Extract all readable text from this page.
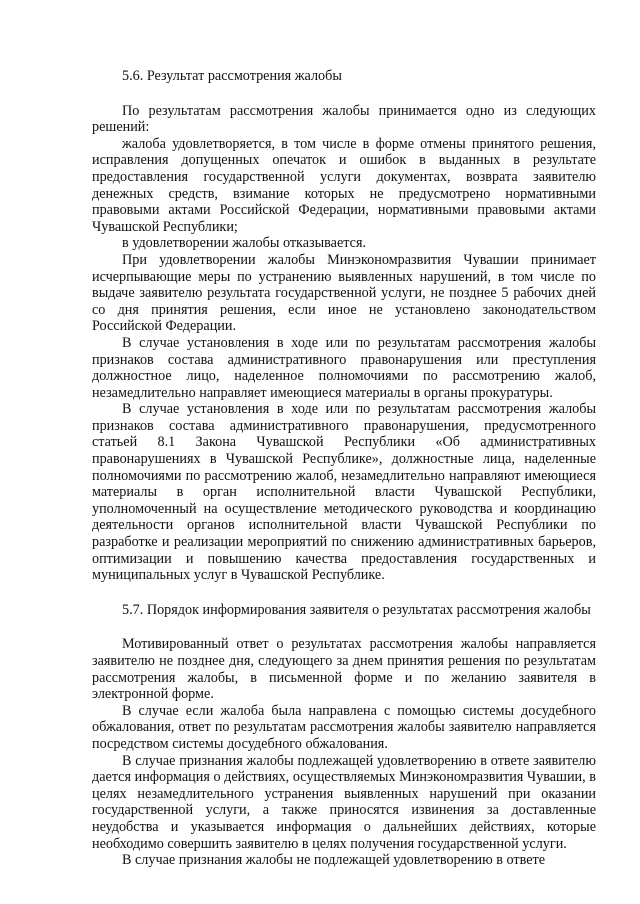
5.6. Результат рассмотрения жалобы

По результатам рассмотрения жалобы принимается одно из следующих решений:

жалоба удовлетворяется, в том числе в форме отмены принятого решения, исправления допущенных опечаток и ошибок в выданных в результате предоставления государственной услуги документах, возврата заявителю денежных средств, взимание которых не предусмотрено нормативными правовыми актами Российской Федерации, нормативными правовыми актами Чувашской Республики;

в удовлетворении жалобы отказывается.

При удовлетворении жалобы Минэкономразвития Чувашии принимает исчерпывающие меры по устранению выявленных нарушений, в том числе по выдаче заявителю результата государственной услуги, не позднее 5 рабочих дней со дня принятия решения, если иное не установлено законодательством Российской Федерации.

В случае установления в ходе или по результатам рассмотрения жалобы признаков состава административного правонарушения или преступления должностное лицо, наделенное полномочиями по рассмотрению жалоб, незамедлительно направляет имеющиеся материалы в органы прокуратуры.

В случае установления в ходе или по результатам рассмотрения жалобы признаков состава административного правонарушения, предусмотренного статьей 8.1 Закона Чувашской Республики «Об административных правонарушениях в Чувашской Республике», должностные лица, наделенные полномочиями по рассмотрению жалоб, незамедлительно направляют имеющиеся материалы в орган исполнительной власти Чувашской Республики, уполномоченный на осуществление методического руководства и координацию деятельности органов исполнительной власти Чувашской Республики по разработке и реализации мероприятий по снижению административных барьеров, оптимизации и повышению качества предоставления государственных и муниципальных услуг в Чувашской Республике.

5.7. Порядок информирования заявителя о результатах рассмотрения жалобы

Мотивированный ответ о результатах рассмотрения жалобы направляется заявителю не позднее дня, следующего за днем принятия решения по результатам рассмотрения жалобы, в письменной форме и по желанию заявителя в электронной форме.

В случае если жалоба была направлена с помощью системы досудебного обжалования, ответ по результатам рассмотрения жалобы заявителю направляется посредством системы досудебного обжалования.

В случае признания жалобы подлежащей удовлетворению в ответе заявителю дается информация о действиях, осуществляемых Минэкономразвития Чувашии, в целях незамедлительного устранения выявленных нарушений при оказании государственной услуги, а также приносятся извинения за доставленные неудобства и указывается информация о дальнейших действиях, которые необходимо совершить заявителю в целях получения государственной услуги.

В случае признания жалобы не подлежащей удовлетворению в ответе
